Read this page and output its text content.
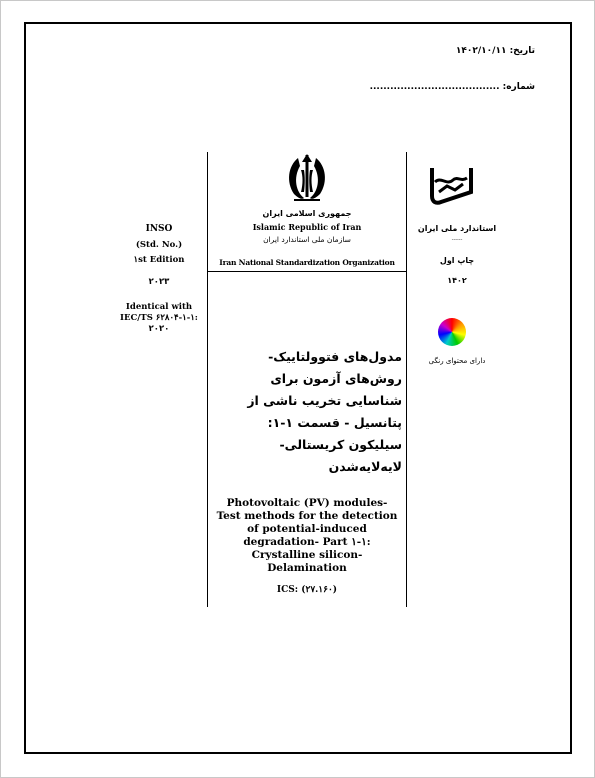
تاریخ: ۱۴۰۲/۱۰/۱۱
شماره: ......................................
INSO
(Std. No.)
۱st Edition
۲۰۲۳
Identical with
IEC/TS ۶۲۸۰۴-۱-۱:
۲۰۲۰
جمهوری اسلامی ایران
Islamic Republic of Iran
سازمان ملی استاندارد ایران
Iran National Standardization Organization
مدول‌های فتوولتاییک-روش‌های آزمون برای شناسایی تخریب ناشی از پتانسیل - قسمت ۱-۱: سیلیکون کریستالی- لایه‌لایه‌شدن
Photovoltaic (PV) modules- Test methods for the detection of potential-induced degradation- Part ۱-۱: Crystalline silicon- Delamination
ICS: (۲۷.۱۶۰)
استاندارد ملی ایران
-----
چاپ اول
۱۴۰۲
دارای محتوای رنگی
